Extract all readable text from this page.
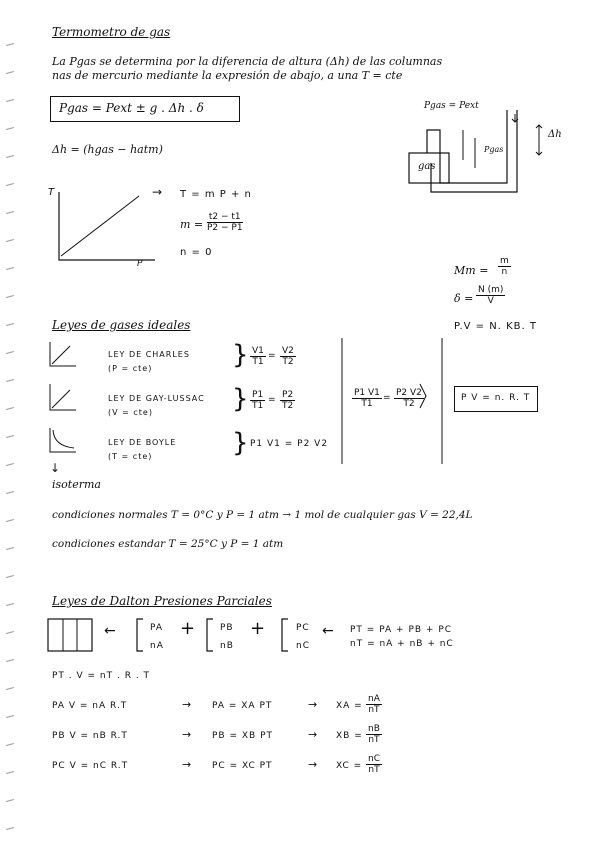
Termometro de gas
La Pgas se determina por la diferencia de altura (Δh) de las columnas
nas de mercurio mediante la expresión de abajo, a una T = cte
Pgas = Pext ± g . Δh . δ
Δh = (hgas − hatm)
Pgas = Pext
gas
Pgas
Δh
T
P
→ T = m P + n
$m = \frac{t2 - t1}{P2 - P1}$
n = 0
$Mm = \frac{m}{n}$
$\delta = \frac{N (m)}{V}$
P.V = N. KB. T
Leyes de gases ideales
LEY DE CHARLES
(P = cte)	} $\frac{V1}{T1} = \frac{V2}{T2}$
LEY DE GAY-LUSSAC
(V = cte)	} $\frac{P1}{T1} = \frac{P2}{T2}$
LEY DE BOYLE
(T = cte)	} P1 V1 = P2 V2
$\frac{P1 V1}{T1} = \frac{P2 V2}{T2}$	P V = n. R. T
↓
isoterma
condiciones normales T = 0°C y P = 1 atm → 1 mol de cualquier gas V = 22,4L
condiciones estandar T = 25°C y P = 1 atm
Leyes de Dalton Presiones Parciales
←	PA
nA
+	PB
nB
+	PC
nC
← PT = PA + PB + PC
nT = nA + nB + nC
PT . V = nT . R . T
PA V = nA R.T	→ PA = XA PT	→ XA = $\frac{nA}{nT}$
PB V = nB R.T	→ PB = XB PT	→ XB = $\frac{nB}{nT}$
PC V = nC R.T	→ PC = XC PT	→ XC = $\frac{nC}{nT}$
